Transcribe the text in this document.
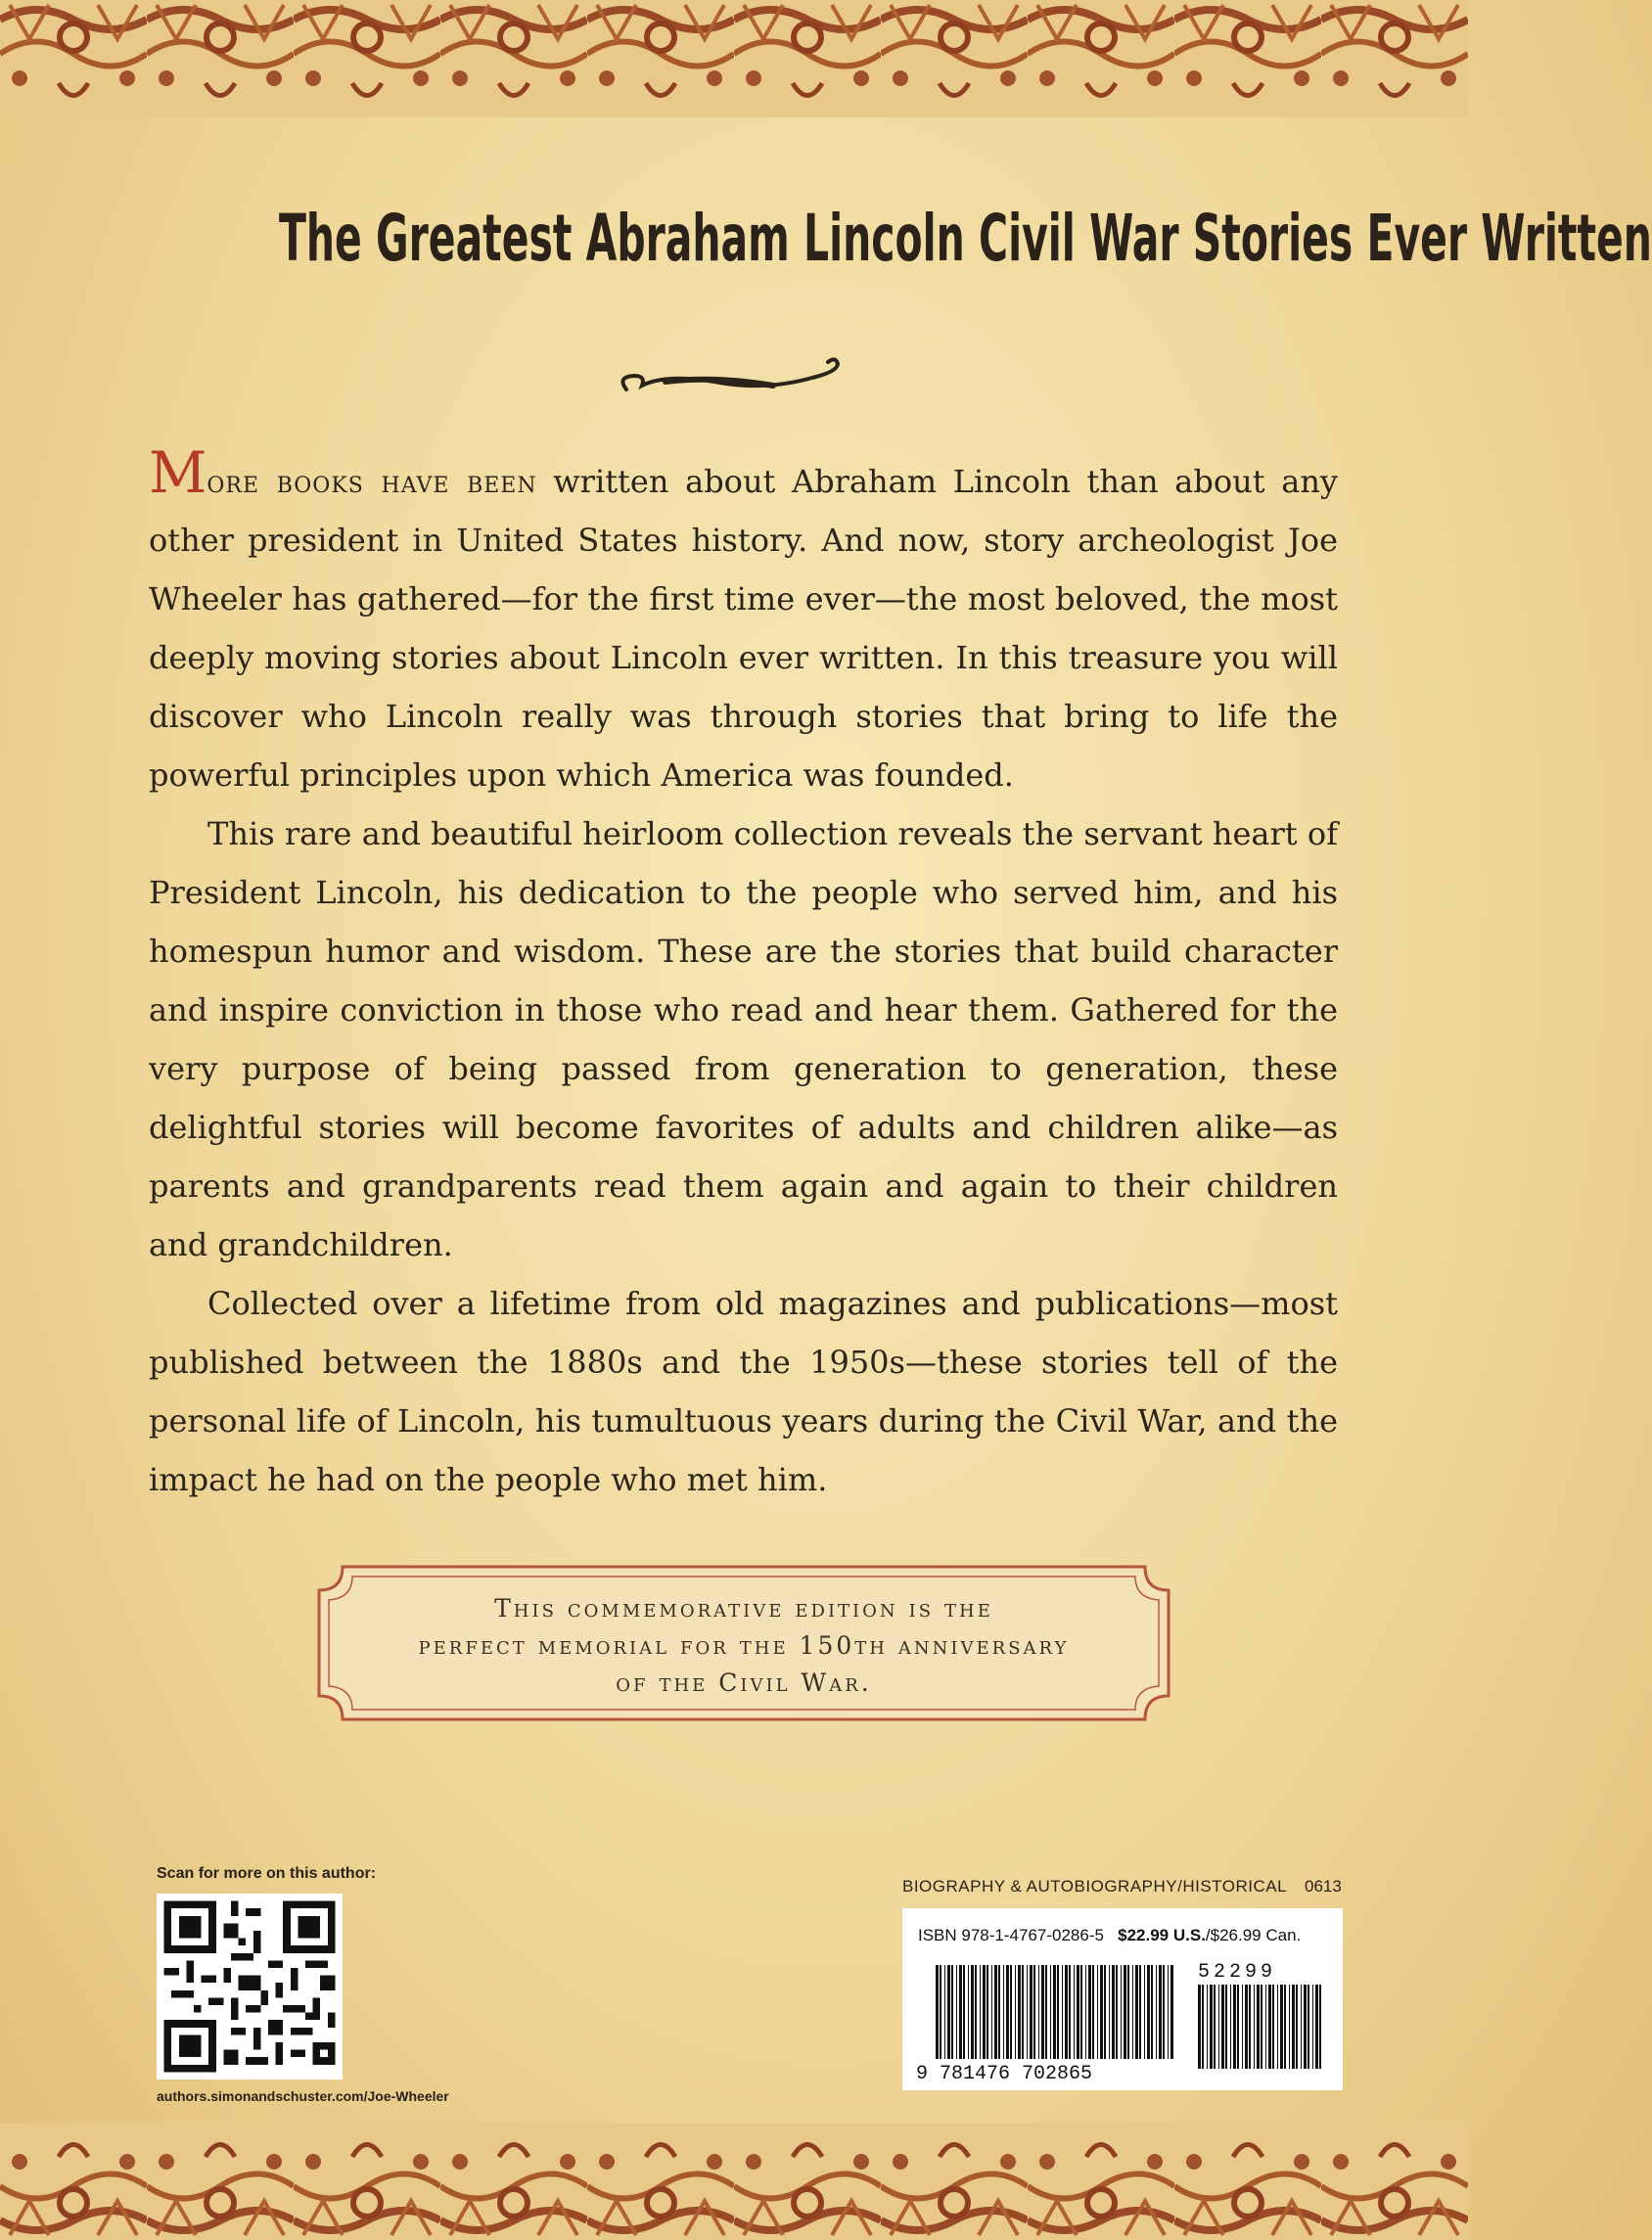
The Greatest Abraham Lincoln Civil War Stories Ever Written

More books have been written about Abraham Lincoln than about any other president in United States history. And now, story archeologist Joe Wheeler has gathered—for the first time ever—the most beloved, the most deeply moving stories about Lincoln ever written. In this treasure you will discover who Lincoln really was through stories that bring to life the powerful principles upon which America was founded.

This rare and beautiful heirloom collection reveals the servant heart of President Lincoln, his dedication to the people who served him, and his homespun humor and wisdom. These are the stories that build character and inspire conviction in those who read and hear them. Gathered for the very purpose of being passed from generation to generation, these delightful stories will become favorites of adults and children alike—as parents and grandparents read them again and again to their children and grandchildren.

Collected over a lifetime from old magazines and publications—most published between the 1880s and the 1950s—these stories tell of the personal life of Lincoln, his tumultuous years during the Civil War, and the impact he had on the people who met him.

This commemorative edition is the
perfect memorial for the 150th anniversary
of the Civil War.
Scan for more on this author:
authors.simonandschuster.com/Joe-Wheeler
BIOGRAPHY & AUTOBIOGRAPHY/HISTORICAL 0613
ISBN 978-1-4767-0286-5 $22.99 U.S./$26.99 Can.
9 781476 702865
52299
